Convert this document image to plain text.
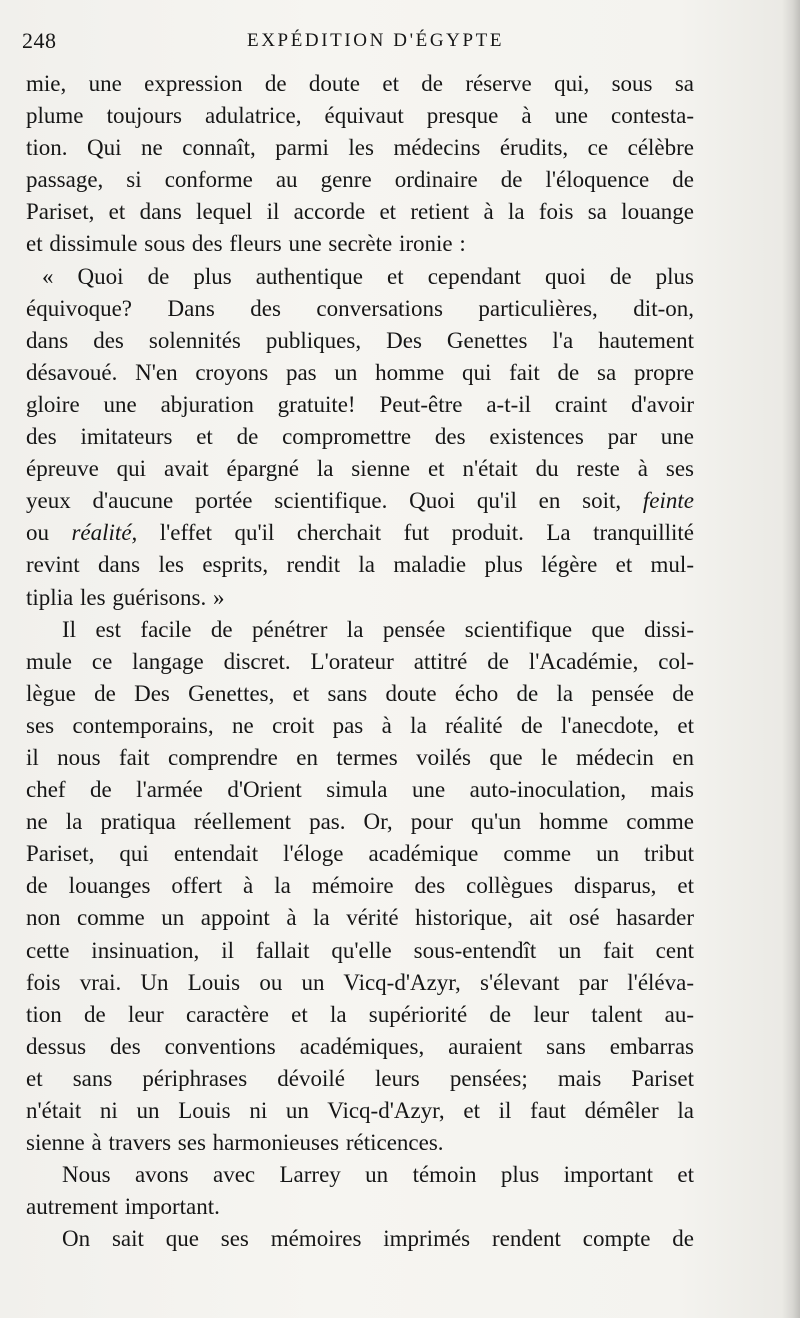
248	EXPÉDITION D'ÉGYPTE
mie, une expression de doute et de réserve qui, sous sa
plume toujours adulatrice, équivaut presque à une contesta-
tion. Qui ne connaît, parmi les médecins érudits, ce célèbre
passage, si conforme au genre ordinaire de l'éloquence de
Pariset, et dans lequel il accorde et retient à la fois sa louange
et dissimule sous des fleurs une secrète ironie :
« Quoi de plus authentique et cependant quoi de plus
équivoque? Dans des conversations particulières, dit-on,
dans des solennités publiques, Des Genettes l'a hautement
désavoué. N'en croyons pas un homme qui fait de sa propre
gloire une abjuration gratuite! Peut-être a-t-il craint d'avoir
des imitateurs et de compromettre des existences par une
épreuve qui avait épargné la sienne et n'était du reste à ses
yeux d'aucune portée scientifique. Quoi qu'il en soit, feinte
ou réalité, l'effet qu'il cherchait fut produit. La tranquillité
revint dans les esprits, rendit la maladie plus légère et mul-
tiplia les guérisons. »
Il est facile de pénétrer la pensée scientifique que dissi-
mule ce langage discret. L'orateur attitré de l'Académie, col-
lègue de Des Genettes, et sans doute écho de la pensée de
ses contemporains, ne croit pas à la réalité de l'anecdote, et
il nous fait comprendre en termes voilés que le médecin en
chef de l'armée d'Orient simula une auto-inoculation, mais
ne la pratiqua réellement pas. Or, pour qu'un homme comme
Pariset, qui entendait l'éloge académique comme un tribut
de louanges offert à la mémoire des collègues disparus, et
non comme un appoint à la vérité historique, ait osé hasarder
cette insinuation, il fallait qu'elle sous-entendît un fait cent
fois vrai. Un Louis ou un Vicq-d'Azyr, s'élevant par l'éléva-
tion de leur caractère et la supériorité de leur talent au-
dessus des conventions académiques, auraient sans embarras
et sans périphrases dévoilé leurs pensées; mais Pariset
n'était ni un Louis ni un Vicq-d'Azyr, et il faut démêler la
sienne à travers ses harmonieuses réticences.
Nous avons avec Larrey un témoin plus important et
autrement important.
On sait que ses mémoires imprimés rendent compte de
